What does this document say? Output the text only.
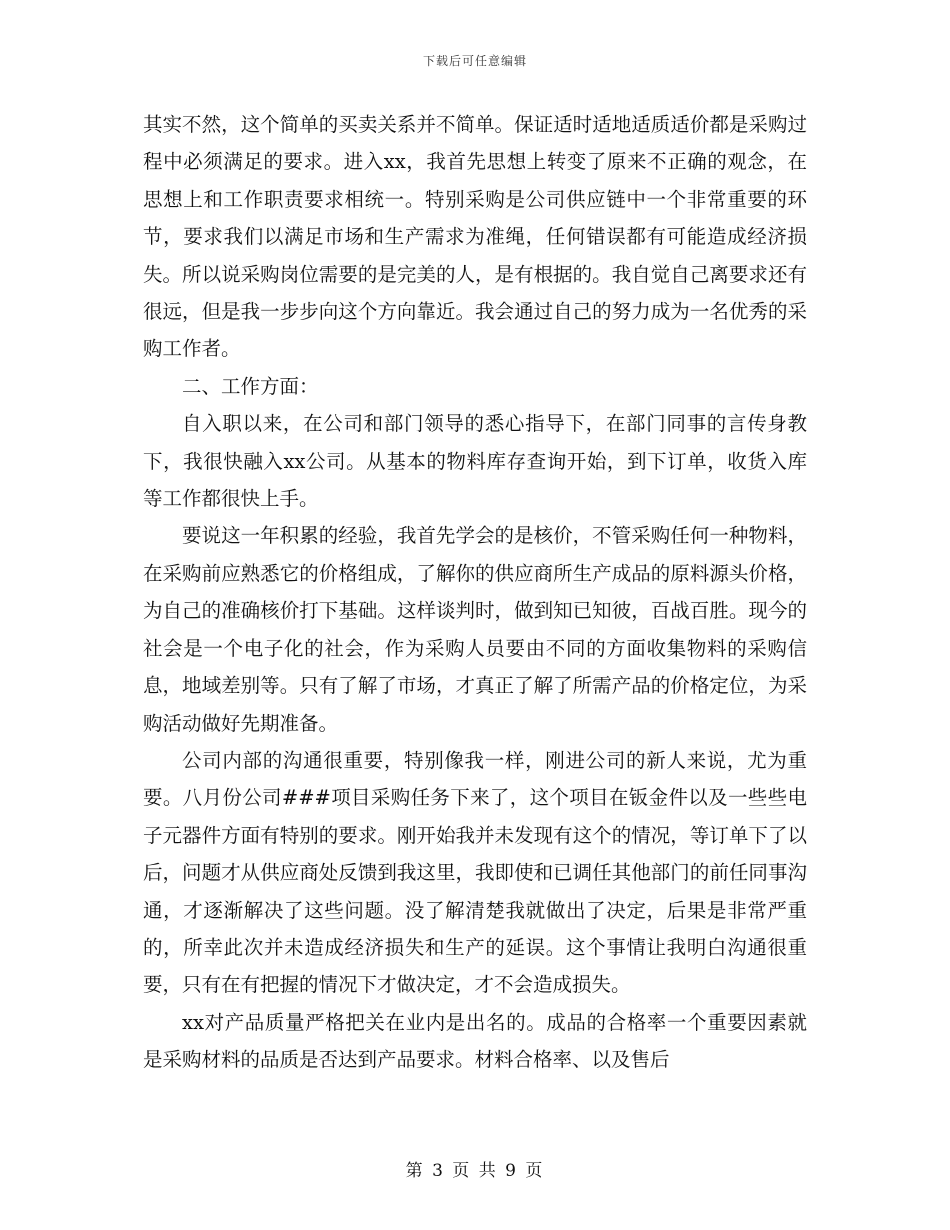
下载后可任意编辑

其实不然，这个简单的买卖关系并不简单。保证适时适地适质适价都是采购过程中必须满足的要求。进入xx，我首先思想上转变了原来不正确的观念，在思想上和工作职责要求相统一。特别采购是公司供应链中一个非常重要的环节，要求我们以满足市场和生产需求为准绳，任何错误都有可能造成经济损失。所以说采购岗位需要的是完美的人，是有根据的。我自觉自己离要求还有很远，但是我一步步向这个方向靠近。我会通过自己的努力成为一名优秀的采购工作者。

二、工作方面：

自入职以来，在公司和部门领导的悉心指导下，在部门同事的言传身教下，我很快融入xx公司。从基本的物料库存查询开始，到下订单，收货入库等工作都很快上手。

要说这一年积累的经验，我首先学会的是核价，不管采购任何一种物料，在采购前应熟悉它的价格组成，了解你的供应商所生产成品的原料源头价格，为自己的准确核价打下基础。这样谈判时，做到知已知彼，百战百胜。现今的社会是一个电子化的社会，作为采购人员要由不同的方面收集物料的采购信息，地域差别等。只有了解了市场，才真正了解了所需产品的价格定位，为采购活动做好先期准备。

公司内部的沟通很重要，特别像我一样，刚进公司的新人来说，尤为重要。八月份公司###项目采购任务下来了，这个项目在钣金件以及一些些电子元器件方面有特别的要求。刚开始我并未发现有这个的情况，等订单下了以后，问题才从供应商处反馈到我这里，我即使和已调任其他部门的前任同事沟通，才逐渐解决了这些问题。没了解清楚我就做出了决定，后果是非常严重的，所幸此次并未造成经济损失和生产的延误。这个事情让我明白沟通很重要，只有在有把握的情况下才做决定，才不会造成损失。

xx对产品质量严格把关在业内是出名的。成品的合格率一个重要因素就是采购材料的品质是否达到产品要求。材料合格率、以及售后

第 3 页 共 9 页
